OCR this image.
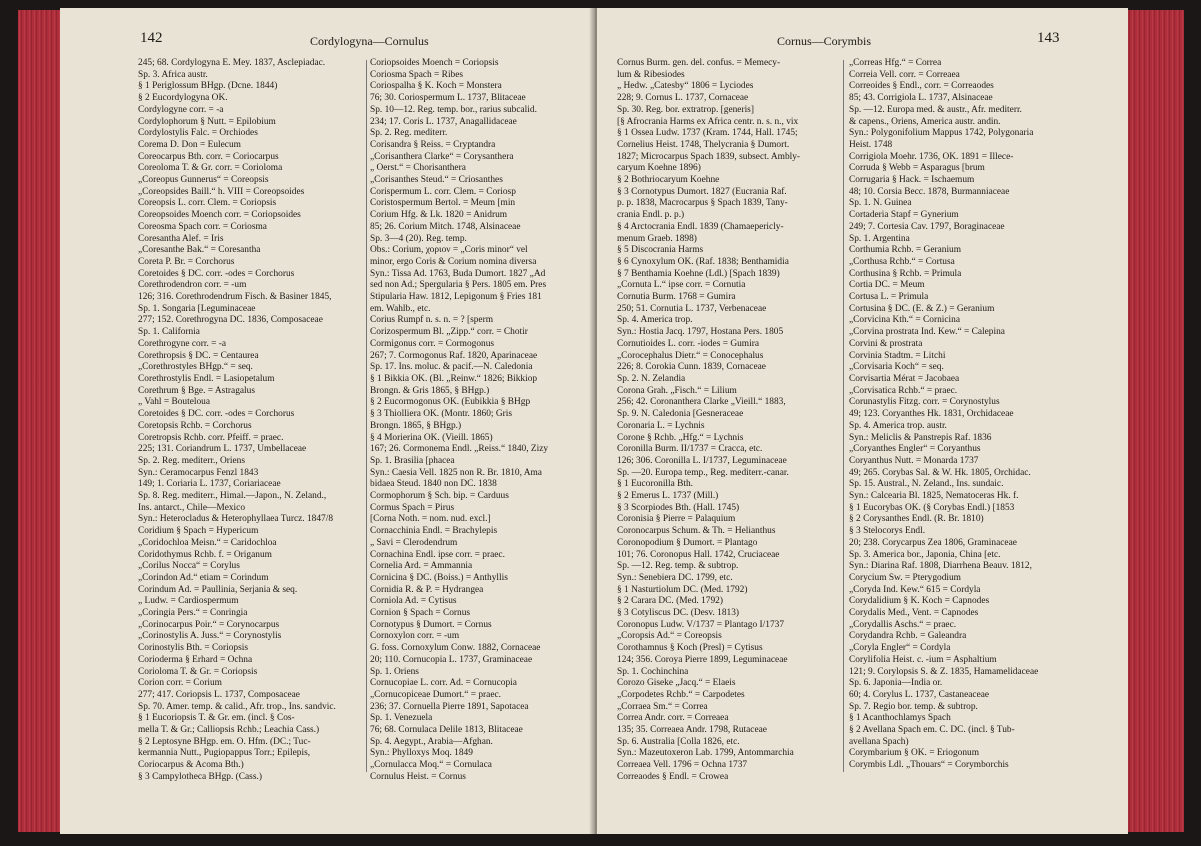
142	Cordylogyna—Cornulus
245; 68. Cordylogyna E. Mey. 1837, Asclepiadac.
Sp. 3. Africa austr.
§ 1 Periglossum BHgp. (Dcne. 1844)
§ 2 Eucordylogyna OK.
Cordylogyne corr. = -a
Cordylophorum § Nutt. = Epilobium
Cordylostylis Falc. = Orchiodes
Corema D. Don = Eulecum
Coreocarpus Bth. corr. = Coriocarpus
Coreoloma T. & Gr. corr. = Corioloma
„Coreopus Gunnerus“ = Coreopsis
„Coreopsides Baill.“ h. VIII = Coreopsoides
Coreopsis L. corr. Clem. = Coriopsis
Coreopsoides Moench corr. = Coriopsoides
Coreosma Spach corr. = Coriosma
Coresantha Alef. = Iris
„Coresanthe Bak.“ = Coresantha
Coreta P. Br. = Corchorus
Coretoides § DC. corr. -odes = Corchorus
Corethrodendron corr. = -um
126; 316. Corethrodendrum Fisch. & Basiner 1845,
Sp. 1. Songaria [Leguminaceae
277; 152. Corethrogyna DC. 1836, Composaceae
Sp. 1. California
Corethrogyne corr. = -a
Corethropsis § DC. = Centaurea
„Corethrostyles BHgp.“ = seq.
Corethrostylis Endl. = Lasiopetalum
Corethrum § Bge. = Astragalus
„ Vahl = Bouteloua
Coretoides § DC. corr. -odes = Corchorus
Coretopsis Rchb. = Corchorus
Coretropsis Rchb. corr. Pfeiff. = praec.
225; 131. Coriandrum L. 1737, Umbellaceae
Sp. 2. Reg. mediterr., Oriens
Syn.: Ceramocarpus Fenzl 1843
149; 1. Coriaria L. 1737, Coriariaceae
Sp. 8. Reg. mediterr., Himal.—Japon., N. Zeland.,
Ins. antarct., Chile—Mexico
Syn.: Heterocladus & Heterophyllaea Turcz. 1847/8
Coridium § Spach = Hypericum
„Coridochloa Meisn.“ = Caridochloa
Coridothymus Rchb. f. = Origanum
„Corilus Nocca“ = Corylus
„Corindon Ad.“ etiam = Corindum
Corindum Ad. = Paullinia, Serjania & seq.
„ Ludw. = Cardiospermum
„Coringia Pers.“ = Conringia
„Corinocarpus Poir.“ = Corynocarpus
„Corinostylis A. Juss.“ = Corynostylis
Corinostylis Bth. = Coriopsis
Corioderma § Erhard = Ochna
Corioloma T. & Gr. = Coriopsis
Corion corr. = Corium
277; 417. Coriopsis L. 1737, Composaceae
Sp. 70. Amer. temp. & calid., Afr. trop., Ins. sandvic.
§ 1 Eucoriopsis T. & Gr. em. (incl. § Cos-
mella T. & Gr.; Calliopsis Rchb.; Leachia Cass.)
§ 2 Leptosyne BHgp. em. O. Hfm. (DC.; Tuc-
kermannia Nutt., Pugiopappus Torr.; Epilepis,
Coriocarpus & Acoma Bth.)
§ 3 Campylotheca BHgp. (Cass.)
Coriopsoides Moench = Coriopsis
Coriosma Spach = Ribes
Coriospalha § K. Koch = Monstera
76; 30. Coriospermum L. 1737, Blitaceae
Sp. 10—12. Reg. temp. bor., rarius subcalid.
234; 17. Coris L. 1737, Anagallidaceae
Sp. 2. Reg. mediterr.
Corisandra § Reiss. = Cryptandra
„Corisanthera Clarke“ = Corysanthera
„ Oerst.“ = Chorisanthera
„Corisanthes Steud.“ = Criosanthes
Corispermum L. corr. Clem. = Coriosp
Coristospermum Bertol. = Meum [min
Corium Hfg. & Lk. 1820 = Anidrum
85; 26. Corium Mitch. 1748, Alsinaceae
Sp. 3—4 (20). Reg. temp.
Obs.: Corium, χοριον = „Coris minor“ vel
minor, ergo Coris & Corium nomina diversa
Syn.: Tissa Ad. 1763, Buda Dumort. 1827 „Ad
sed non Ad.; Spergularia § Pers. 1805 em. Pres
Stipularia Haw. 1812, Lepigonum § Fries 181
em. Wahlb., etc.
Corius Rumpf n. s. n. = ? [sperm
Corizospermum Bl. „Zipp.“ corr. = Chotir
Cormigonus corr. = Cormogonus
267; 7. Cormogonus Raf. 1820, Aparinaceae
Sp. 17. Ins. moluc. & pacif.—N. Caledonia
§ 1 Bikkia OK. (Bl. „Reinw.“ 1826; Bikkiop
Brongn. & Gris 1865, § BHgp.)
§ 2 Eucormogonus OK. (Eubikkia § BHgp
§ 3 Thiolliera OK. (Montr. 1860; Gris
Brongn. 1865, § BHgp.)
§ 4 Morierina OK. (Vieill. 1865)
167; 26. Cormonema Endl. „Reiss.“ 1840, Zizy
Sp. 1. Brasilia [phacea
Syn.: Caesia Vell. 1825 non R. Br. 1810, Ama
bidaea Steud. 1840 non DC. 1838
Cormophorum § Sch. bip. = Carduus
Cormus Spach = Pirus
[Corna Noth. = nom. nud. excl.]
Cornacchinia Endl. = Brachylepis
„ Savi = Clerodendrum
Cornachina Endl. ipse corr. = praec.
Cornelia Ard. = Ammannia
Cornicina § DC. (Boiss.) = Anthyllis
Cornidia R. & P. = Hydrangea
Corniola Ad. = Cytisus
Cornion § Spach = Cornus
Cornotypus § Dumort. = Cornus
Cornoxylon corr. = -um
G. foss. Cornoxylum Conw. 1882, Cornaceae
20; 110. Cornucopia L. 1737, Graminaceae
Sp. 1. Oriens
Cornucopiae L. corr. Ad. = Cornucopia
„Cornucopiceae Dumort.“ = praec.
236; 37. Cornuella Pierre 1891, Sapotacea
Sp. 1. Venezuela
76; 68. Cornulaca Delile 1813, Blitaceae
Sp. 4. Aegypt., Arabia—Afghan.
Syn.: Phylloxys Moq. 1849
„Cornulacca Moq.“ = Cornulaca
Cornulus Heist. = Cornus
Cornus—Corymbis	143
Cornus Burm. gen. del. confus. = Memecy-
lum & Ribesiodes
„ Hedw. „Catesby“ 1806 = Lyciodes
228; 9. Cornus L. 1737, Cornaceae
Sp. 30. Reg. bor. extratrop. [generis]
[§ Afrocrania Harms ex Africa centr. n. s. n., vix
§ 1 Ossea Ludw. 1737 (Kram. 1744, Hall. 1745;
Cornelius Heist. 1748, Thelycrania § Dumort.
1827; Microcarpus Spach 1839, subsect. Ambly-
caryum Koehne 1896)
§ 2 Bothriocaryum Koehne
§ 3 Cornotypus Dumort. 1827 (Eucrania Raf.
p. p. 1838, Macrocarpus § Spach 1839, Tany-
crania Endl. p. p.)
§ 4 Arctocrania Endl. 1839 (Chamaepericly-
menum Graeb. 1898)
§ 5 Discocrania Harms
§ 6 Cynoxylum OK. (Raf. 1838; Benthamidia
§ 7 Benthamia Koehne (Ldl.) [Spach 1839)
„Cornuta L.“ ipse corr. = Cornutia
Cornutia Burm. 1768 = Gumira
250; 51. Cornutia L. 1737, Verbenaceae
Sp. 4. America trop.
Syn.: Hostia Jacq. 1797, Hostana Pers. 1805
Cornutioides L. corr. -iodes = Gumira
„Corocephalus Dietr.“ = Conocephalus
226; 8. Corokia Cunn. 1839, Cornaceae
Sp. 2. N. Zelandia
Corona Grah. „Fisch.“ = Lilium
256; 42. Coronanthera Clarke „Vieill.“ 1883,
Sp. 9. N. Caledonia [Gesneraceae
Coronaria L. = Lychnis
Corone § Rchb. „Hfg.“ = Lychnis
Coronilla Burm. II/1737 = Cracca, etc.
126; 306. Coronilla L. I/1737, Leguminaceae
Sp. —20. Europa temp., Reg. mediterr.-canar.
§ 1 Eucoronilla Bth.
§ 2 Emerus L. 1737 (Mill.)
§ 3 Scorpiodes Bth. (Hall. 1745)
Coronisia § Pierre = Palaquium
Coronocarpus Schum. & Th. = Helianthus
Coronopodium § Dumort. = Plantago
101; 76. Coronopus Hall. 1742, Cruciaceae
Sp. —12. Reg. temp. & subtrop.
Syn.: Senebiera DC. 1799, etc.
§ 1 Nasturtiolum DC. (Med. 1792)
§ 2 Carara DC. (Med. 1792)
§ 3 Cotyliscus DC. (Desv. 1813)
Coronopus Ludw. V/1737 = Plantago I/1737
„Coropsis Ad.“ = Coreopsis
Corothamnus § Koch (Presl) = Cytisus
124; 356. Coroya Pierre 1899, Leguminaceae
Sp. 1. Cochinchina
Corozo Giseke „Jacq.“ = Elaeis
„Corpodetes Rchb.“ = Carpodetes
„Corraea Sm.“ = Correa
Correa Andr. corr. = Correaea
135; 35. Correaea Andr. 1798, Rutaceae
Sp. 6. Australia [Colla 1826, etc.
Syn.: Mazeutoxeron Lab. 1799, Antommarchia
Correaea Vell. 1796 = Ochna 1737
Correaodes § Endl. = Crowea
„Correas Hfg.“ = Correa
Correia Vell. corr. = Correaea
Correoides § Endl., corr. = Correaodes
85; 43. Corrigiola L. 1737, Alsinaceae
Sp. —12. Europa med. & austr., Afr. mediterr.
& capens., Oriens, America austr. andin.
Syn.: Polygonifolium Mappus 1742, Polygonaria
Heist. 1748
Corrigiola Moehr. 1736, OK. 1891 = Illece-
Corruda § Webb = Asparagus [brum
Corrugaria § Hack. = Ischaemum
48; 10. Corsia Becc. 1878, Burmanniaceae
Sp. 1. N. Guinea
Cortaderia Stapf = Gynerium
249; 7. Cortesia Cav. 1797, Boraginaceae
Sp. 1. Argentina
Corthumia Rchb. = Geranium
„Corthusa Rchb.“ = Cortusa
Corthusina § Rchb. = Primula
Cortia DC. = Meum
Cortusa L. = Primula
Cortusina § DC. (E. & Z.) = Geranium
„Corvicina Kth.“ = Cornicina
„Corvina prostrata Ind. Kew.“ = Calepina
Corvini & prostrata
Corvinia Stadtm. = Litchi
„Corvisaria Koch“ = seq.
Corvisartia Mérat = Jacobaea
„Corvisatica Rchb.“ = praec.
Corunastylis Fitzg. corr. = Corynostylus
49; 123. Coryanthes Hk. 1831, Orchidaceae
Sp. 4. America trop. austr.
Syn.: Meliclis & Panstrepis Raf. 1836
„Coryanthes Engler“ = Coryanthus
Coryanthus Nutt. = Monarda 1737
49; 265. Corybas Sal. & W. Hk. 1805, Orchidac.
Sp. 15. Austral., N. Zeland., Ins. sundaic.
Syn.: Calcearia Bl. 1825, Nematoceras Hk. f.
§ 1 Eucorybas OK. (§ Corybas Endl.) [1853
§ 2 Corysanthes Endl. (R. Br. 1810)
§ 3 Stelocorys Endl.
20; 238. Corycarpus Zea 1806, Graminaceae
Sp. 3. America bor., Japonia, China [etc.
Syn.: Diarina Raf. 1808, Diarrhena Beauv. 1812,
Corycium Sw. = Pterygodium
„Coryda Ind. Kew.“ 615 = Cordyla
Corydalidium § K. Koch = Capnodes
Corydalis Med., Vent. = Capnodes
„Corydallis Aschs.“ = praec.
Corydandra Rchb. = Galeandra
„Coryla Engler“ = Cordyla
Corylifolia Heist. c. -ium = Asphaltium
121; 9. Corylopsis S. & Z. 1835, Hamamelidaceae
Sp. 6. Japonia—India or.
60; 4. Corylus L. 1737, Castaneaceae
Sp. 7. Regio bor. temp. & subtrop.
§ 1 Acanthochlamys Spach
§ 2 Avellana Spach em. C. DC. (incl. § Tub-
avellana Spach)
Corymbarium § OK. = Eriogonum
Corymbis Ldl. „Thouars“ = Corymborchis
